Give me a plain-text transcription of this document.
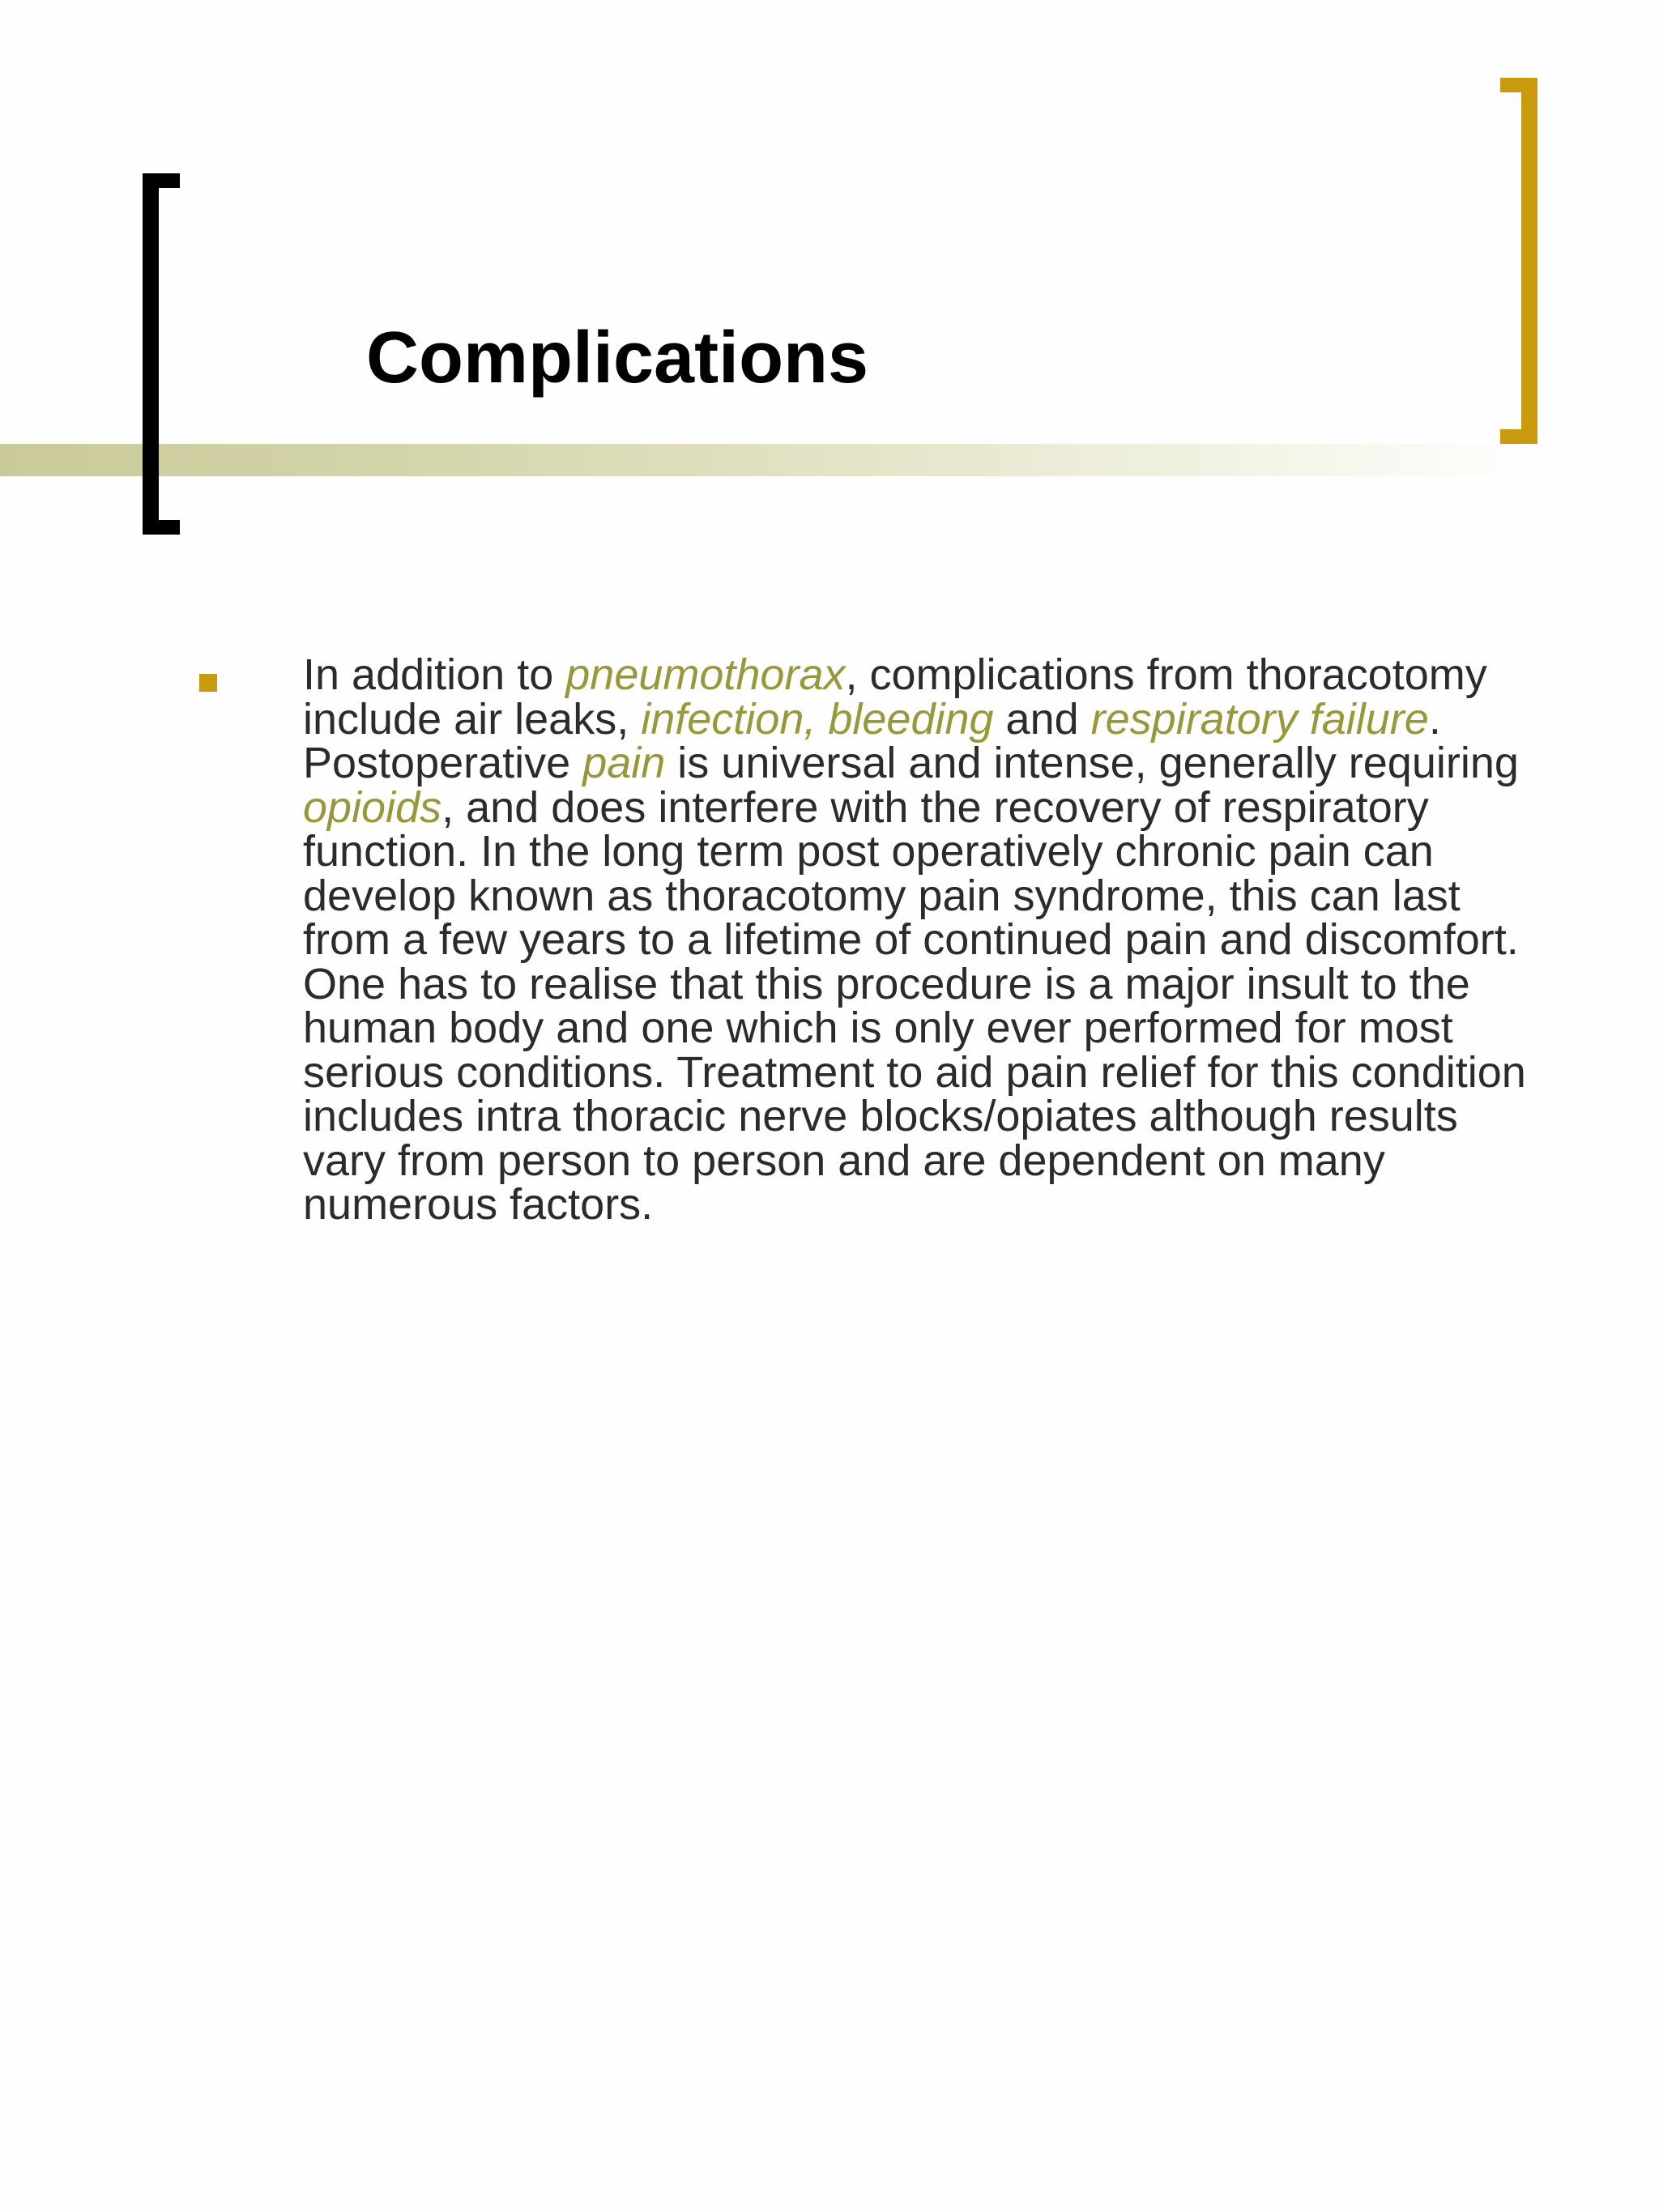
Complications

In addition to pneumothorax, complications from thoracotomy include air leaks, infection, bleeding and respiratory failure. Postoperative pain is universal and intense, generally requiring opioids, and does interfere with the recovery of respiratory function. In the long term post operatively chronic pain can develop known as thoracotomy pain syndrome, this can last from a few years to a lifetime of continued pain and discomfort. One has to realise that this procedure is a major insult to the human body and one which is only ever performed for most serious conditions. Treatment to aid pain relief for this condition includes intra thoracic nerve blocks/opiates although results vary from person to person and are dependent on many numerous factors.
